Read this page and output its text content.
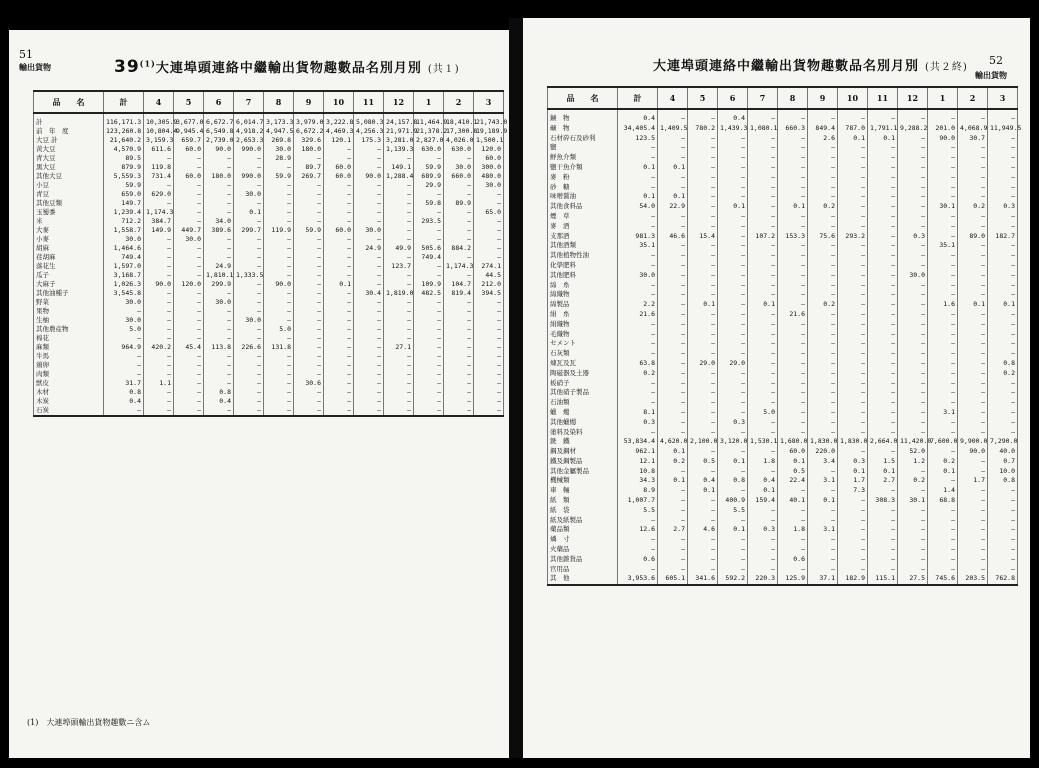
51
輸出貨物	39$^{(1)}$大連埠頭連絡中繼輸出貨物趣數品名別月別 (共１)
品　　名	計	4	5	6	7	8	9	10	11	12	1	2	3
計	116,171.3	10,305.9	3,677.0	6,672.7	6,014.7	3,173.3	3,979.0	3,222.8	5,080.3	24,157.8	11,464.9	18,410.1	21,743.0
前　年　度	123,260.8	10,804.4	9,945.4	6,549.8	4,918.2	4,947.5	6,672.2	4,469.3	4,256.3	21,971.9	21,378.2	17,300.8	19,189.9
大豆 計	21,640.2	3,159.3	659.7	2,739.0	2,653.3	269.8	329.6	120.1	175.3	3,281.0	2,827.0	4,026.0	1,500.1
黄大豆	4,570.9	611.6	60.0	90.0	990.0	30.0	180.0	—	—	1,139.3	630.0	630.0	120.0
青大豆	89.5	—	—	—	—	28.9	—	—	—	—	—	—	60.0
黒大豆	879.9	119.8	—	—	—	—	89.7	60.0	—	149.1	59.9	30.0	300.0
其他大豆	5,559.3	731.4	60.0	180.0	990.0	59.9	269.7	60.0	90.0	1,288.4	689.9	660.0	480.0
小豆	59.9	—	—	—	—	—	—	—	—	—	29.9	—	30.0
青豆	659.0	629.0	—	—	30.0	—	—	—	—	—	—	—	—
其他豆類	149.7	—	—	—	—	—	—	—	—	—	59.8	89.9	—
玉蜀黍	1,239.4	1,174.3	—	—	0.1	—	—	—	—	—	—	—	65.0
米	712.2	384.7	—	34.0	—	—	—	—	—	—	293.5	—	—
大麥	1,558.7	149.9	449.7	389.6	299.7	119.9	59.9	60.0	30.0	—	—	—	—
小麥	30.0	—	30.0	—	—	—	—	—	—	—	—	—	—
胡麻	1,464.6	—	—	—	—	—	—	—	24.9	49.9	505.6	884.2	—
荏胡麻	749.4	—	—	—	—	—	—	—	—	—	749.4	—	—
落花生	1,597.0	—	—	24.9	—	—	—	—	—	123.7	—	1,174.3	274.1
瓜子	3,168.7	—	—	1,810.1	1,333.5	—	—	—	—	—	—	—	44.5
大麻子	1,026.3	90.0	120.0	299.9	—	90.0	—	0.1	—	—	109.9	104.7	212.0
其他油種子	3,545.8	—	—	—	—	—	—	—	30.4	1,819.0	482.5	819.4	394.5
野菜	30.0	—	—	30.0	—	—	—	—	—	—	—	—	—
果物	—	—	—	—	—	—	—	—	—	—	—	—	—
生柚	30.0	—	—	—	30.0	—	—	—	—	—	—	—	—
其他農産物	5.0	—	—	—	—	5.0	—	—	—	—	—	—	—
棉花	—	—	—	—	—	—	—	—	—	—	—	—	—
麻類	964.9	420.2	45.4	113.8	226.6	131.8	—	—	—	27.1	—	—	—
牛馬	—	—	—	—	—	—	—	—	—	—	—	—	—
鶏卵	—	—	—	—	—	—	—	—	—	—	—	—	—
肉類	—	—	—	—	—	—	—	—	—	—	—	—	—
獣皮	31.7	1.1	—	—	—	—	30.6	—	—	—	—	—	—
木材	0.8	—	—	0.8	—	—	—	—	—	—	—	—	—
木炭	0.4	—	—	0.4	—	—	—	—	—	—	—	—	—
石炭	—	—	—	—	—	—	—	—	—	—	—	—	—
(1)　大連埠頭輸出貨物趣數ニ含ム
大連埠頭連絡中繼輸出貨物趣數品名別月別 (共２終)
52
輸出貨物
品　　名	計	4	5	6	7	8	9	10	11	12	1	2	3
鑛　物	0.4	—	—	0.4	—	—	—	—	—	—	—	—	—
礦　物	34,405.4	1,409.5	780.2	1,439.3	1,080.1	660.3	849.4	787.0	1,791.1	9,288.2	201.0	4,068.9	11,949.5
石材砕石及砂利	123.5	—	—	—	—	—	2.6	0.1	0.1	—	90.0	30.7	—
鹽	—	—	—	—	—	—	—	—	—	—	—	—	—
鮮魚介類	—	—	—	—	—	—	—	—	—	—	—	—	—
鹽干魚介類	0.1	0.1	—	—	—	—	—	—	—	—	—	—	—
麥　粉	—	—	—	—	—	—	—	—	—	—	—	—	—
砂　糖	—	—	—	—	—	—	—	—	—	—	—	—	—
味噌醤油	0.1	0.1	—	—	—	—	—	—	—	—	—	—	—
其他食料品	54.0	22.9	—	0.1	—	0.1	0.2	—	—	—	30.1	0.2	0.3
煙　草	—	—	—	—	—	—	—	—	—	—	—	—	—
麥　酒	—	—	—	—	—	—	—	—	—	—	—	—	—
支那酒	981.3	46.6	15.4	—	107.2	153.3	75.6	293.2	—	0.3	—	89.0	182.7
其他酒類	35.1	—	—	—	—	—	—	—	—	—	35.1	—	—
其他植物性油	—	—	—	—	—	—	—	—	—	—	—	—	—
化學肥料	—	—	—	—	—	—	—	—	—	—	—	—	—
其他肥料	30.0	—	—	—	—	—	—	—	—	30.0	—	—	—
綿　糸	—	—	—	—	—	—	—	—	—	—	—	—	—
綿織物	—	—	—	—	—	—	—	—	—	—	—	—	—
綿製品	2.2	—	0.1	—	0.1	—	0.2	—	—	—	1.6	0.1	0.1
絹　糸	21.6	—	—	—	—	21.6	—	—	—	—	—	—	—
絹織物	—	—	—	—	—	—	—	—	—	—	—	—	—
毛織物	—	—	—	—	—	—	—	—	—	—	—	—	—
セメント	—	—	—	—	—	—	—	—	—	—	—	—	—
石灰類	—	—	—	—	—	—	—	—	—	—	—	—	—
煉瓦及瓦	63.8	—	29.0	29.0	—	—	—	—	—	—	—	—	0.8
陶磁器及土器	0.2	—	—	—	—	—	—	—	—	—	—	—	0.2
板硝子	—	—	—	—	—	—	—	—	—	—	—	—	—
其他硝子製品	—	—	—	—	—	—	—	—	—	—	—	—	—
石油類	—	—	—	—	—	—	—	—	—	—	—	—	—
蠟　燭	8.1	—	—	—	5.0	—	—	—	—	—	3.1	—	—
其他蠟燭	0.3	—	—	0.3	—	—	—	—	—	—	—	—	—
塗料及染料	—	—	—	—	—	—	—	—	—	—	—	—	—
銑　鐵	53,834.4	4,620.0	2,100.0	3,120.0	1,530.1	1,680.0	1,830.0	1,830.0	2,664.0	11,420.0	7,600.0	9,900.0	7,290.0
鋼及鋼材	962.1	0.1	—	—	—	60.0	220.0	—	—	52.0	—	90.0	40.0
鐵及鋼製品	12.1	0.2	0.5	0.1	1.8	0.1	3.4	0.3	1.5	1.2	0.2	—	0.7
其他金屬製品	10.8	—	—	—	—	0.5	—	0.1	0.1	—	0.1	—	10.0
機械類	34.3	0.1	0.4	0.8	0.4	22.4	3.1	1.7	2.7	0.2	—	1.7	0.8
車　輛	8.9	—	0.1	—	0.1	—	—	7.3	—	—	1.4	—	—
紙　類	1,007.7	—	—	400.9	159.4	40.1	0.1	—	308.3	30.1	68.8	—	—
紙　袋	5.5	—	—	5.5	—	—	—	—	—	—	—	—	—
紙及紙製品	—	—	—	—	—	—	—	—	—	—	—	—	—
藥品類	12.6	2.7	4.6	0.1	0.3	1.8	3.1	—	—	—	—	—	—
燐　寸	—	—	—	—	—	—	—	—	—	—	—	—	—
火藥品	—	—	—	—	—	—	—	—	—	—	—	—	—
其他雜貨品	0.6	—	—	—	—	0.6	—	—	—	—	—	—	—
官用品	—	—	—	—	—	—	—	—	—	—	—	—	—
其　他	3,953.6	605.1	341.6	592.2	220.3	125.9	37.1	182.9	115.1	27.5	745.6	203.5	762.8
